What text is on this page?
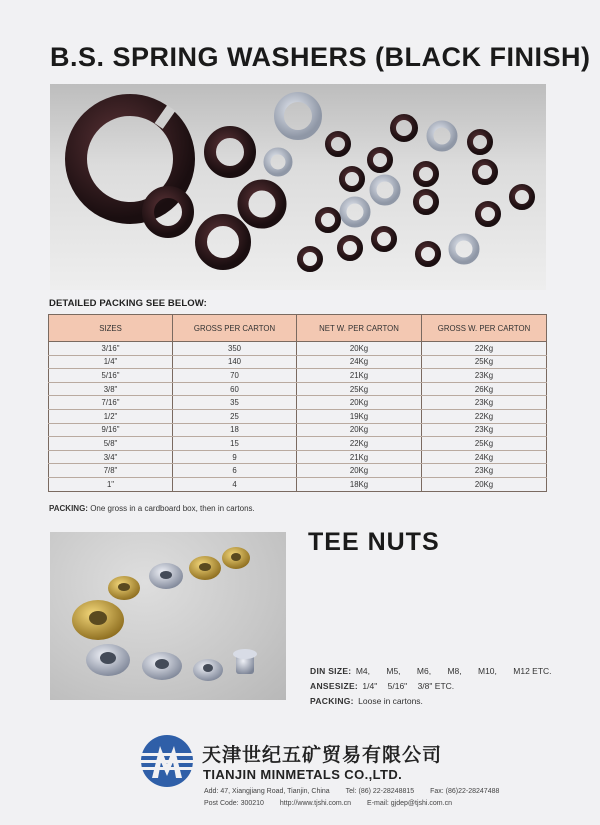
B.S. SPRING WASHERS (BLACK FINISH)
DETAILED PACKING SEE BELOW:
SIZES	GROSS PER CARTON	NET W. PER CARTON	GROSS W. PER CARTON
3/16"	350	20Kg	22Kg
1/4"	140	24Kg	25Kg
5/16"	70	21Kg	23Kg
3/8"	60	25Kg	26Kg
7/16"	35	20Kg	23Kg
1/2"	25	19Kg	22Kg
9/16"	18	20Kg	23Kg
5/8"	15	22Kg	25Kg
3/4"	9	21Kg	24Kg
7/8"	6	20Kg	23Kg
1"	4	18Kg	20Kg
PACKING: One gross in a cardboard box, then in cartons.
TEE NUTS
DIN SIZE: M4, M5, M6, M8, M10, M12 ETC.
ANSESIZE: 1/4" 5/16" 3/8" ETC.
PACKING: Loose in cartons.
天津世纪五矿贸易有限公司
TIANJIN MINMETALS CO.,LTD.
Add: 47, Xiangjiang Road, Tianjin, China Tel: (86) 22-28248815 Fax: (86)22-28247488
Post Code: 300210 http://www.tjshi.com.cn E-mail: gjdep@tjshi.com.cn
